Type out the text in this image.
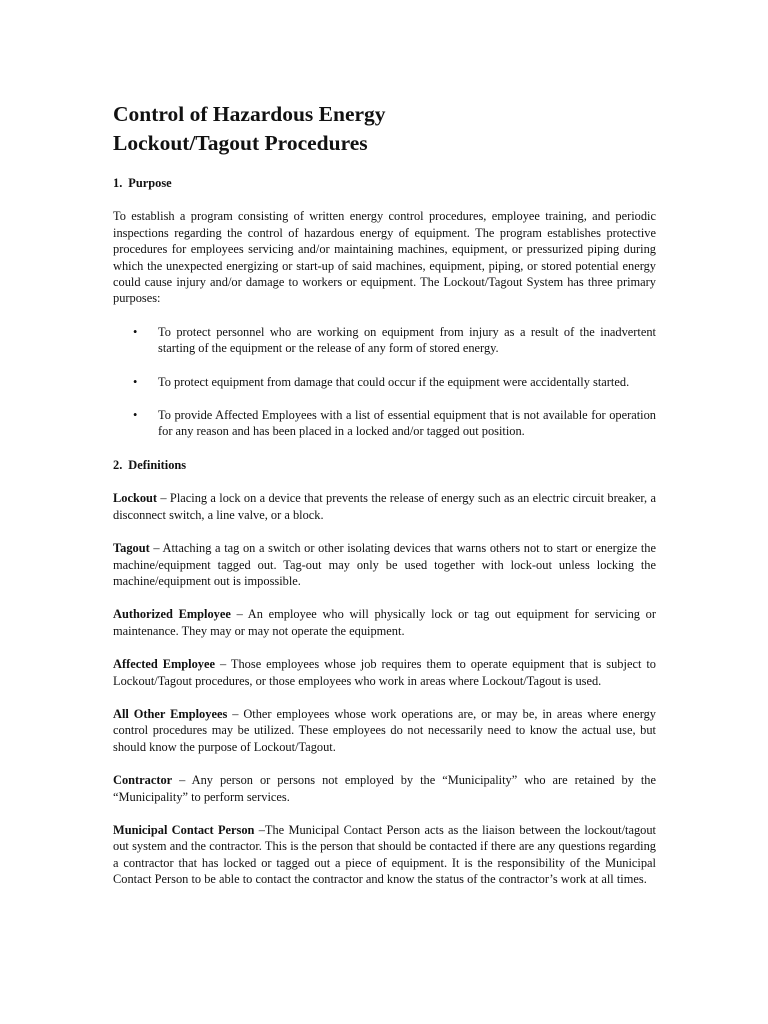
Control of Hazardous Energy
Lockout/Tagout Procedures
1. Purpose

To establish a program consisting of written energy control procedures, employee training, and periodic inspections regarding the control of hazardous energy of equipment. The program establishes protective procedures for employees servicing and/or maintaining machines, equipment, or pressurized piping during which the unexpected energizing or start-up of said machines, equipment, piping, or stored potential energy could cause injury and/or damage to workers or equipment. The Lockout/Tagout System has three primary purposes:

• To protect personnel who are working on equipment from injury as a result of the inadvertent starting of the equipment or the release of any form of stored energy.
• To protect equipment from damage that could occur if the equipment were accidentally started.
• To provide Affected Employees with a list of essential equipment that is not available for operation for any reason and has been placed in a locked and/or tagged out position.
2. Definitions

Lockout – Placing a lock on a device that prevents the release of energy such as an electric circuit breaker, a disconnect switch, a line valve, or a block.

Tagout – Attaching a tag on a switch or other isolating devices that warns others not to start or energize the machine/equipment tagged out. Tag-out may only be used together with lock-out unless locking the machine/equipment out is impossible.

Authorized Employee – An employee who will physically lock or tag out equipment for servicing or maintenance. They may or may not operate the equipment.

Affected Employee – Those employees whose job requires them to operate equipment that is subject to Lockout/Tagout procedures, or those employees who work in areas where Lockout/Tagout is used.

All Other Employees – Other employees whose work operations are, or may be, in areas where energy control procedures may be utilized. These employees do not necessarily need to know the actual use, but should know the purpose of Lockout/Tagout.

Contractor – Any person or persons not employed by the “Municipality” who are retained by the “Municipality” to perform services.

Municipal Contact Person –The Municipal Contact Person acts as the liaison between the lockout/tagout out system and the contractor. This is the person that should be contacted if there are any questions regarding a contractor that has locked or tagged out a piece of equipment. It is the responsibility of the Municipal Contact Person to be able to contact the contractor and know the status of the contractor’s work at all times.
